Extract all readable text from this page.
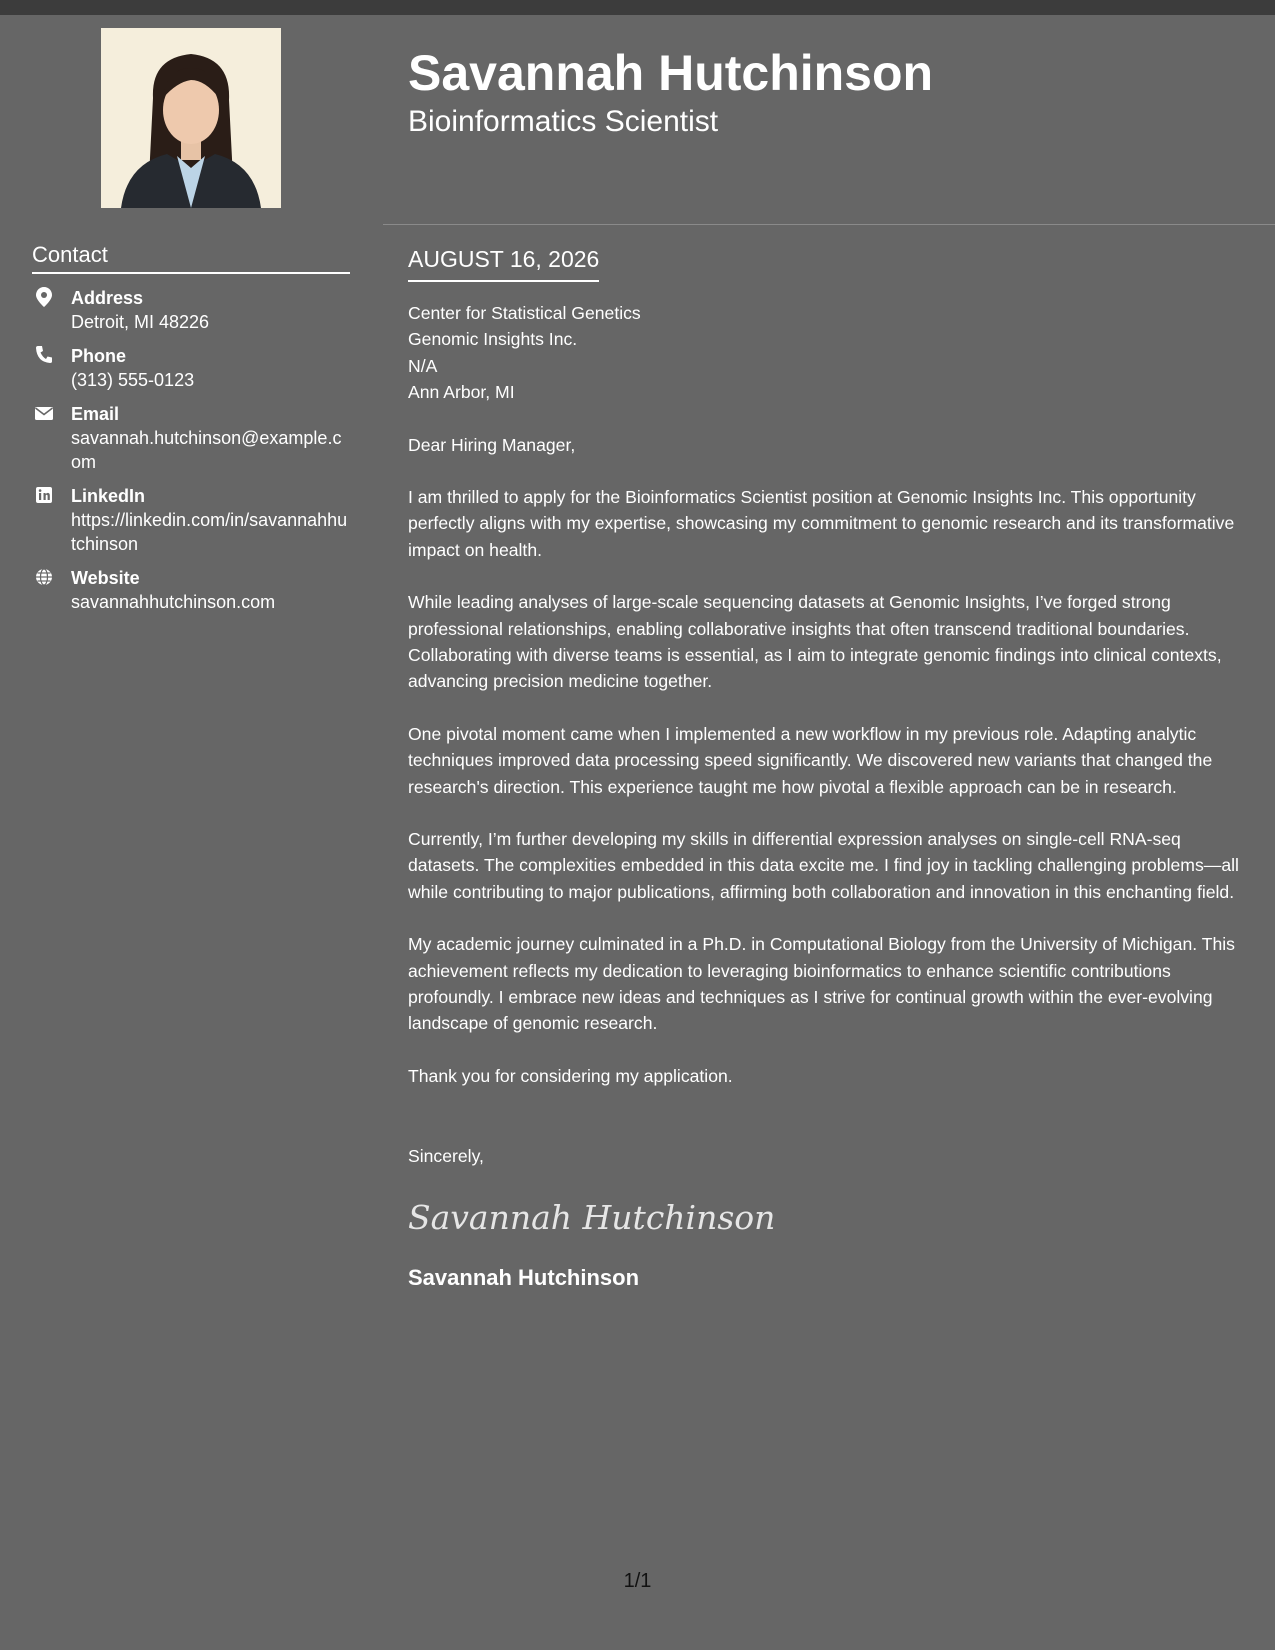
Contact
Address
Detroit, MI 48226
Phone
(313) 555-0123
Email
savannah.hutchinson@example.com
LinkedIn
https://linkedin.com/in/savannahhutchinson
Website
savannahhutchinson.com
Savannah Hutchinson
Bioinformatics Scientist
AUGUST 16, 2026
Center for Statistical Genetics
Genomic Insights Inc.
N/A
Ann Arbor, MI
Dear Hiring Manager,
I am thrilled to apply for the Bioinformatics Scientist position at Genomic Insights Inc. This opportunity perfectly aligns with my expertise, showcasing my commitment to genomic research and its transformative impact on health.
While leading analyses of large-scale sequencing datasets at Genomic Insights, I’ve forged strong professional relationships, enabling collaborative insights that often transcend traditional boundaries. Collaborating with diverse teams is essential, as I aim to integrate genomic findings into clinical contexts, advancing precision medicine together.
One pivotal moment came when I implemented a new workflow in my previous role. Adapting analytic techniques improved data processing speed significantly. We discovered new variants that changed the research's direction. This experience taught me how pivotal a flexible approach can be in research.
Currently, I’m further developing my skills in differential expression analyses on single-cell RNA-seq datasets. The complexities embedded in this data excite me. I find joy in tackling challenging problems—all while contributing to major publications, affirming both collaboration and innovation in this enchanting field.
My academic journey culminated in a Ph.D. in Computational Biology from the University of Michigan. This achievement reflects my dedication to leveraging bioinformatics to enhance scientific contributions profoundly. I embrace new ideas and techniques as I strive for continual growth within the ever-evolving landscape of genomic research.
Thank you for considering my application.
Sincerely,
Savannah Hutchinson
Savannah Hutchinson
1/1
